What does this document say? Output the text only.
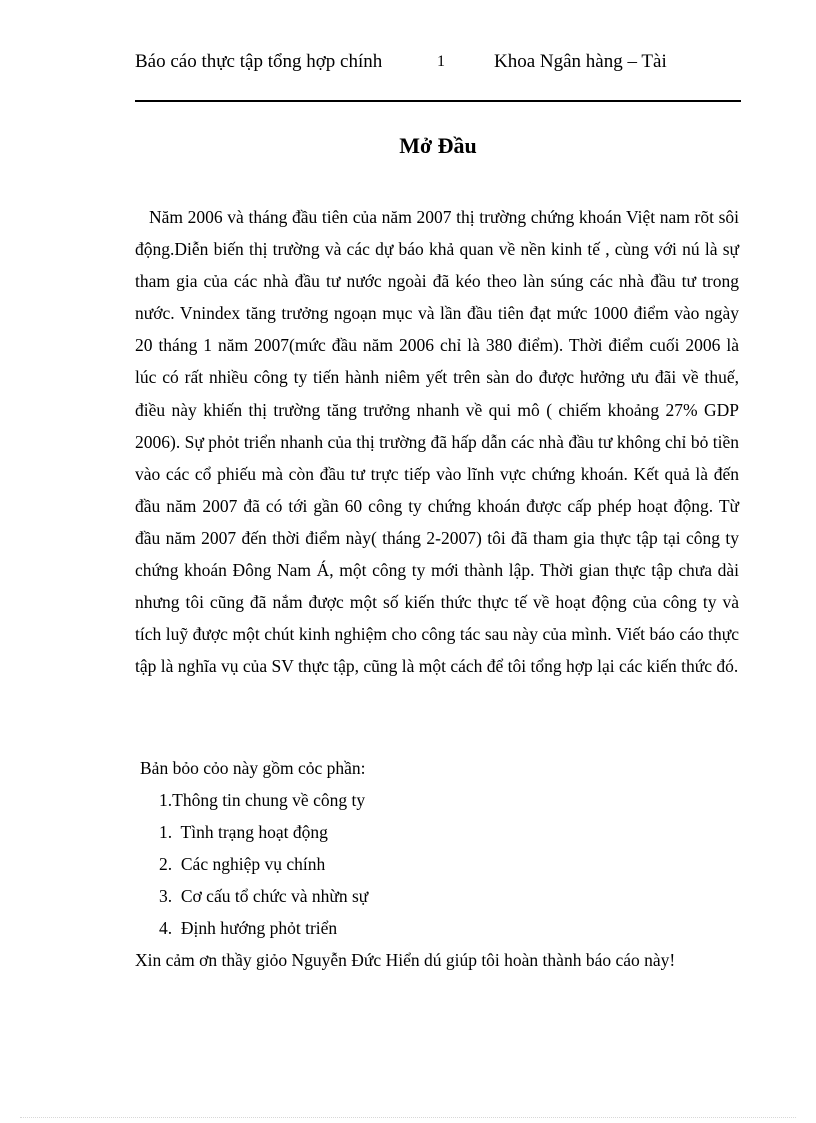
Báo cáo thực tập tổng hợp chính	1	Khoa Ngân hàng – Tài
Mở Đầu

Năm 2006 và tháng đầu tiên của năm 2007 thị trường chứng khoán Việt nam rõt sôi động.Diễn biến thị trường và các dự báo khả quan về nền kinh tế , cùng với nú là sự tham gia của các nhà đầu tư nước ngoài đã kéo theo làn súng các nhà đầu tư trong nước. Vnindex tăng trưởng ngoạn mục và lần đầu tiên đạt mức 1000 điểm vào ngày 20 tháng 1 năm 2007(mức đầu năm 2006 chỉ là 380 điểm). Thời điểm cuối 2006 là lúc có rất nhiều công ty tiến hành niêm yết trên sàn do được hưởng ưu đãi về thuế, điều này khiến thị trường tăng trưởng nhanh về qui mô ( chiếm khoảng 27% GDP 2006). Sự phỏt triển nhanh của thị trường đã hấp dẫn các nhà đầu tư không chỉ bỏ tiền vào các cổ phiếu mà còn đầu tư trực tiếp vào lĩnh vực chứng khoán. Kết quả là đến đầu năm 2007 đã có tới gần 60 công ty chứng khoán được cấp phép hoạt động. Từ đầu năm 2007 đến thời điểm này( tháng 2-2007) tôi đã tham gia thực tập tại công ty chứng khoán Đông Nam Á, một công ty mới thành lập. Thời gian thực tập chưa dài nhưng tôi cũng đã nắm được một số kiến thức thực tế về hoạt động của công ty và tích luỹ được một chút kinh nghiệm cho công tác sau này của mình. Viết báo cáo thực tập là nghĩa vụ của SV thực tập, cũng là một cách để tôi tổng hợp lại các kiến thức đó.

Bản bỏo cỏo này gồm cỏc phần:
1.Thông tin chung về công ty
1.  Tình trạng hoạt động
2.  Các nghiệp vụ chính
3.  Cơ cấu tổ chức và nhừn sự
4.  Định hướng phỏt triển
Xin cảm ơn thầy giỏo Nguyễn Đức Hiển dú giúp tôi hoàn thành báo cáo này!
